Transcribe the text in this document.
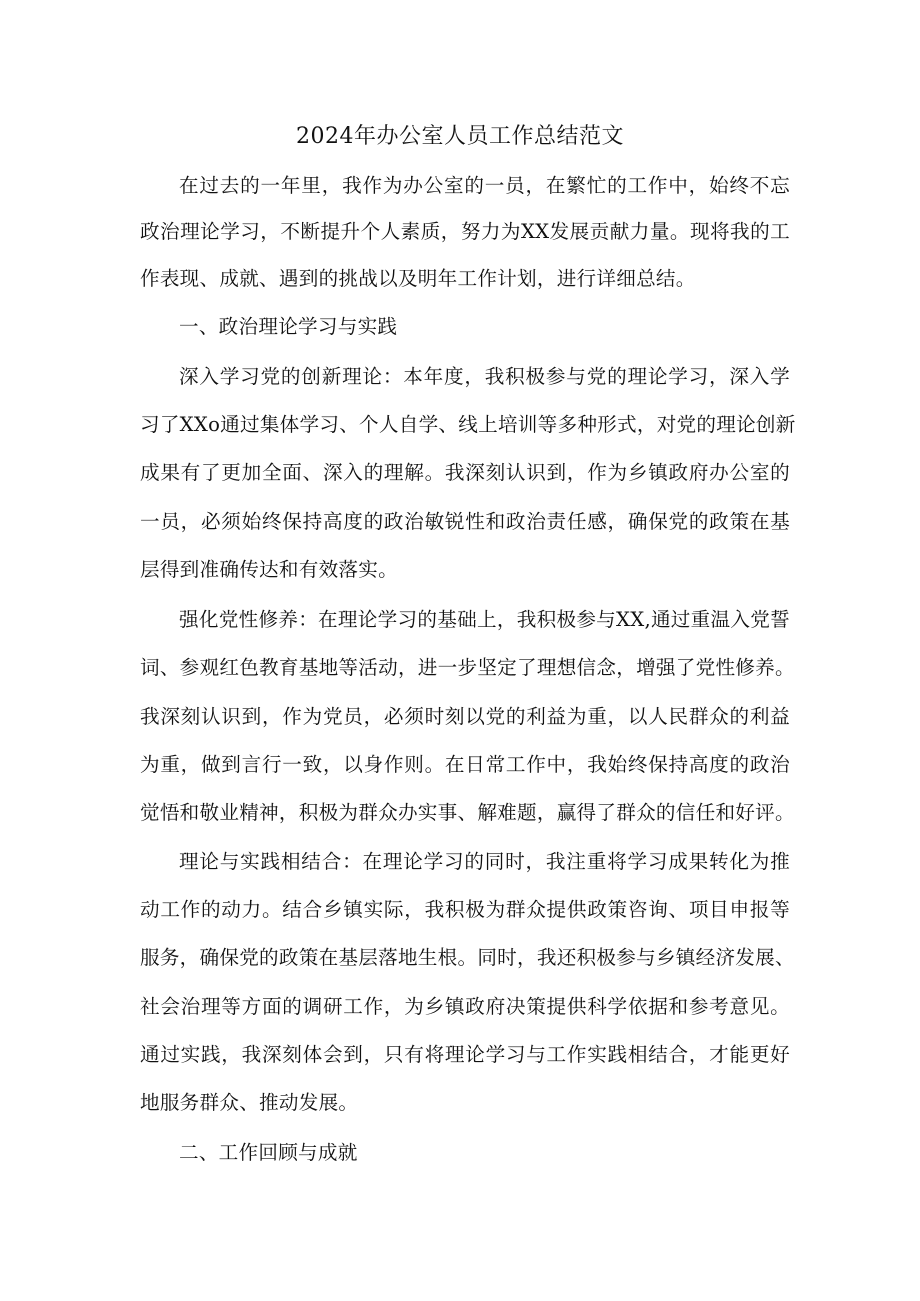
2024年办公室人员工作总结范文
在过去的一年里，我作为办公室的一员，在繁忙的工作中，始终不忘
政治理论学习，不断提升个人素质，努力为XX发展贡献力量。现将我的工
作表现、成就、遇到的挑战以及明年工作计划，进行详细总结。
一、政治理论学习与实践
深入学习党的创新理论：本年度，我积极参与党的理论学习，深入学
习了XXo通过集体学习、个人自学、线上培训等多种形式，对党的理论创新
成果有了更加全面、深入的理解。我深刻认识到，作为乡镇政府办公室的
一员，必须始终保持高度的政治敏锐性和政治责任感，确保党的政策在基
层得到准确传达和有效落实。
强化党性修养：在理论学习的基础上，我积极参与XX,通过重温入党誓
词、参观红色教育基地等活动，进一步坚定了理想信念，增强了党性修养。
我深刻认识到，作为党员，必须时刻以党的利益为重，以人民群众的利益
为重，做到言行一致，以身作则。在日常工作中，我始终保持高度的政治
觉悟和敬业精神，积极为群众办实事、解难题，赢得了群众的信任和好评。
理论与实践相结合：在理论学习的同时，我注重将学习成果转化为推
动工作的动力。结合乡镇实际，我积极为群众提供政策咨询、项目申报等
服务，确保党的政策在基层落地生根。同时，我还积极参与乡镇经济发展、
社会治理等方面的调研工作，为乡镇政府决策提供科学依据和参考意见。
通过实践，我深刻体会到，只有将理论学习与工作实践相结合，才能更好
地服务群众、推动发展。
二、工作回顾与成就
